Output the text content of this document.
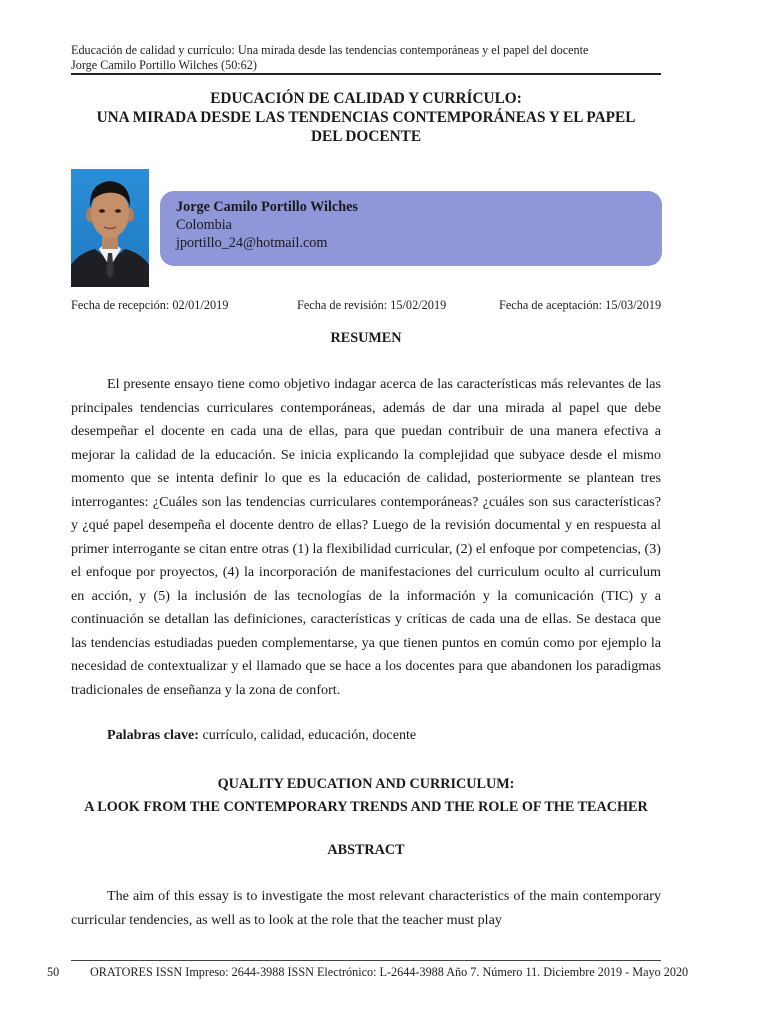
Educación de calidad y currículo: Una mirada desde las tendencias contemporáneas y el papel del docente
Jorge Camilo Portillo Wilches (50:62)
EDUCACIÓN DE CALIDAD Y CURRÍCULO:
UNA MIRADA DESDE LAS TENDENCIAS CONTEMPORÁNEAS Y EL PAPEL
DEL DOCENTE
Jorge Camilo Portillo Wilches
Colombia
jportillo_24@hotmail.com
Fecha de recepción: 02/01/2019	Fecha de revisión: 15/02/2019	Fecha de aceptación: 15/03/2019
RESUMEN
El presente ensayo tiene como objetivo indagar acerca de las características más relevantes de las principales tendencias curriculares contemporáneas, además de dar una mirada al papel que debe desempeñar el docente en cada una de ellas, para que puedan contribuir de una manera efectiva a mejorar la calidad de la educación. Se inicia explicando la complejidad que subyace desde el mismo momento que se intenta definir lo que es la educación de calidad, posteriormente se plantean tres interrogantes: ¿Cuáles son las tendencias curriculares contemporáneas? ¿cuáles son sus características? y ¿qué papel desempeña el docente dentro de ellas? Luego de la revisión documental y en respuesta al primer interrogante se citan entre otras (1) la flexibilidad curricular, (2) el enfoque por competencias, (3) el enfoque por proyectos, (4) la incorporación de manifestaciones del curriculum oculto al curriculum en acción, y (5) la inclusión de las tecnologías de la información y la comunicación (TIC) y a continuación se detallan las definiciones, características y críticas de cada una de ellas. Se destaca que las tendencias estudiadas pueden complementarse, ya que tienen puntos en común como por ejemplo la necesidad de contextualizar y el llamado que se hace a los docentes para que abandonen los paradigmas tradicionales de enseñanza y la zona de confort.
Palabras clave: currículo, calidad, educación, docente
QUALITY EDUCATION AND CURRICULUM:
A LOOK FROM THE CONTEMPORARY TRENDS AND THE ROLE OF THE TEACHER
ABSTRACT
The aim of this essay is to investigate the most relevant characteristics of the main contemporary curricular tendencies, as well as to look at the role that the teacher must play
50	ORATORES ISSN Impreso: 2644-3988 ISSN Electrónico: L-2644-3988 Año 7. Número 11. Diciembre 2019 - Mayo 2020
